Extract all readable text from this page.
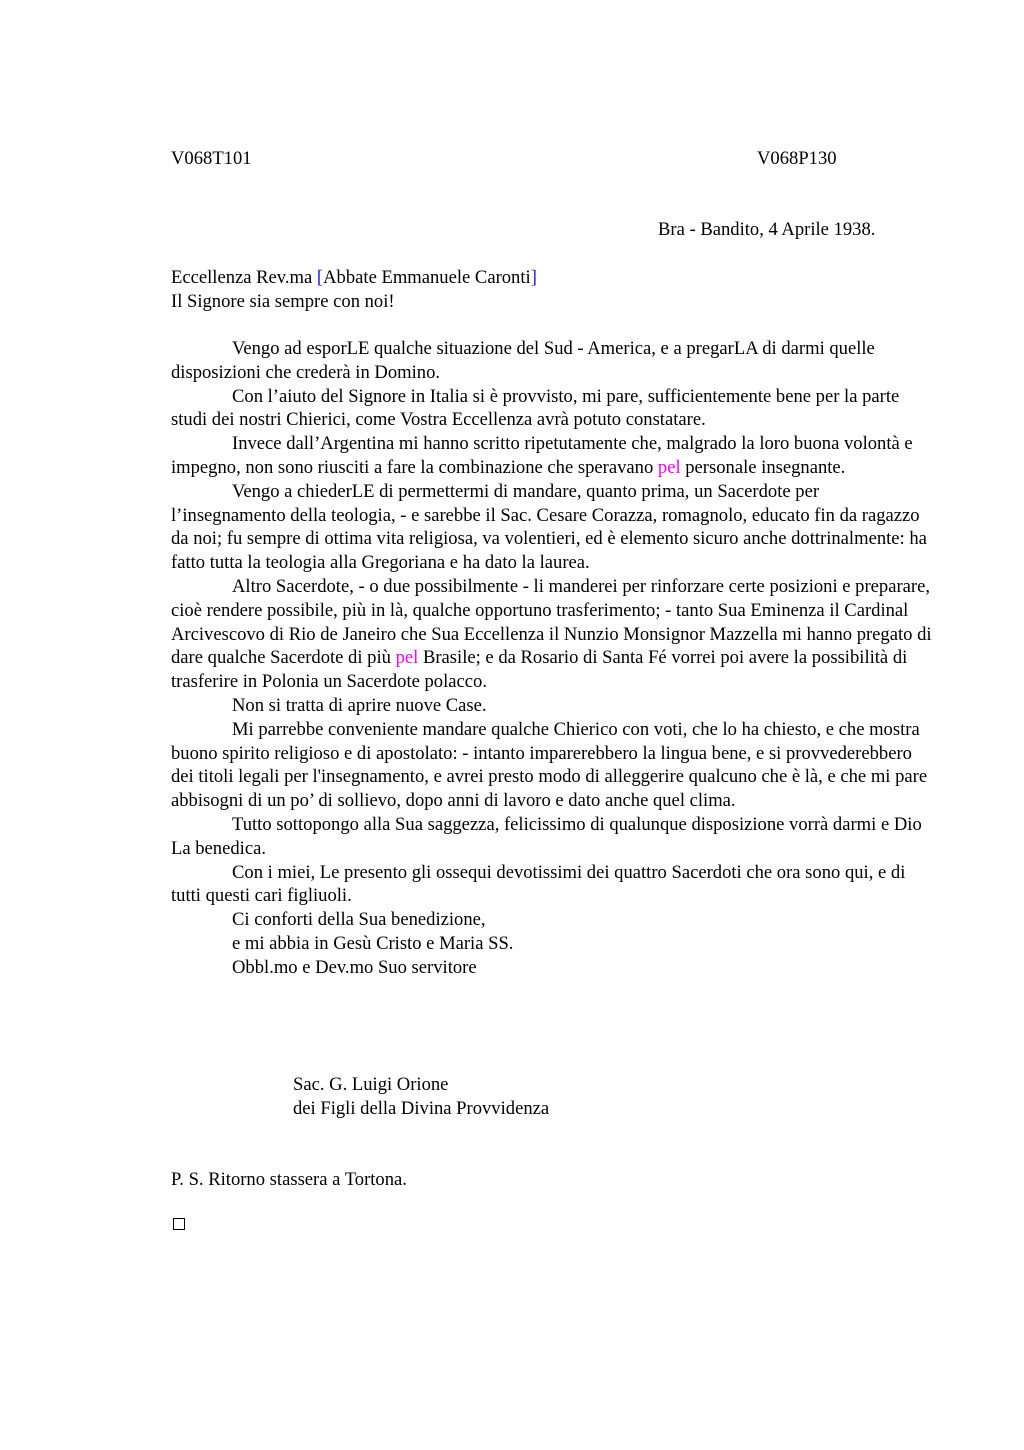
V068T101	V068P130
Bra - Bandito, 4 Aprile 1938.
Eccellenza Rev.ma [Abbate Emmanuele Caronti]
Il Signore sia sempre con noi!

Vengo ad esporLE qualche situazione del Sud - America, e a pregarLA di darmi quelle disposizioni che crederà in Domino.

Con l’aiuto del Signore in Italia si è provvisto, mi pare, sufficientemente bene per la parte studi dei nostri Chierici, come Vostra Eccellenza avrà potuto constatare.

Invece dall’Argentina mi hanno scritto ripetutamente che, malgrado la loro buona volontà e impegno, non sono riusciti a fare la combinazione che speravano pel personale insegnante.

Vengo a chiederLE di permettermi di mandare, quanto prima, un Sacerdote per l’insegnamento della teologia, - e sarebbe il Sac. Cesare Corazza, romagnolo, educato fin da ragazzo da noi; fu sempre di ottima vita religiosa, va volentieri, ed è elemento sicuro anche dottrinalmente: ha fatto tutta la teologia alla Gregoriana e ha dato la laurea.

Altro Sacerdote, - o due possibilmente - li manderei per rinforzare certe posizioni e preparare, cioè rendere possibile, più in là, qualche opportuno trasferimento; - tanto Sua Eminenza il Cardinal Arcivescovo di Rio de Janeiro che Sua Eccellenza il Nunzio Monsignor Mazzella mi hanno pregato di dare qualche Sacerdote di più pel Brasile; e da Rosario di Santa Fé vorrei poi avere la possibilità di trasferire in Polonia un Sacerdote polacco.

Non si tratta di aprire nuove Case.

Mi parrebbe conveniente mandare qualche Chierico con voti, che lo ha chiesto, e che mostra buono spirito religioso e di apostolato: - intanto imparerebbero la lingua bene, e si provvederebbero dei titoli legali per l'insegnamento, e avrei presto modo di alleggerire qualcuno che è là, e che mi pare abbisogni di un po’ di sollievo, dopo anni di lavoro e dato anche quel clima.

Tutto sottopongo alla Sua saggezza, felicissimo di qualunque disposizione vorrà darmi e Dio La benedica.

Con i miei, Le presento gli ossequi devotissimi dei quattro Sacerdoti che ora sono qui, e di tutti questi cari figliuoli.

Ci conforti della Sua benedizione,

e mi abbia in Gesù Cristo e Maria SS.

Obbl.mo e Dev.mo Suo servitore

Sac. G. Luigi Orione
dei Figli della Divina Provvidenza
P. S. Ritorno stassera a Tortona.
